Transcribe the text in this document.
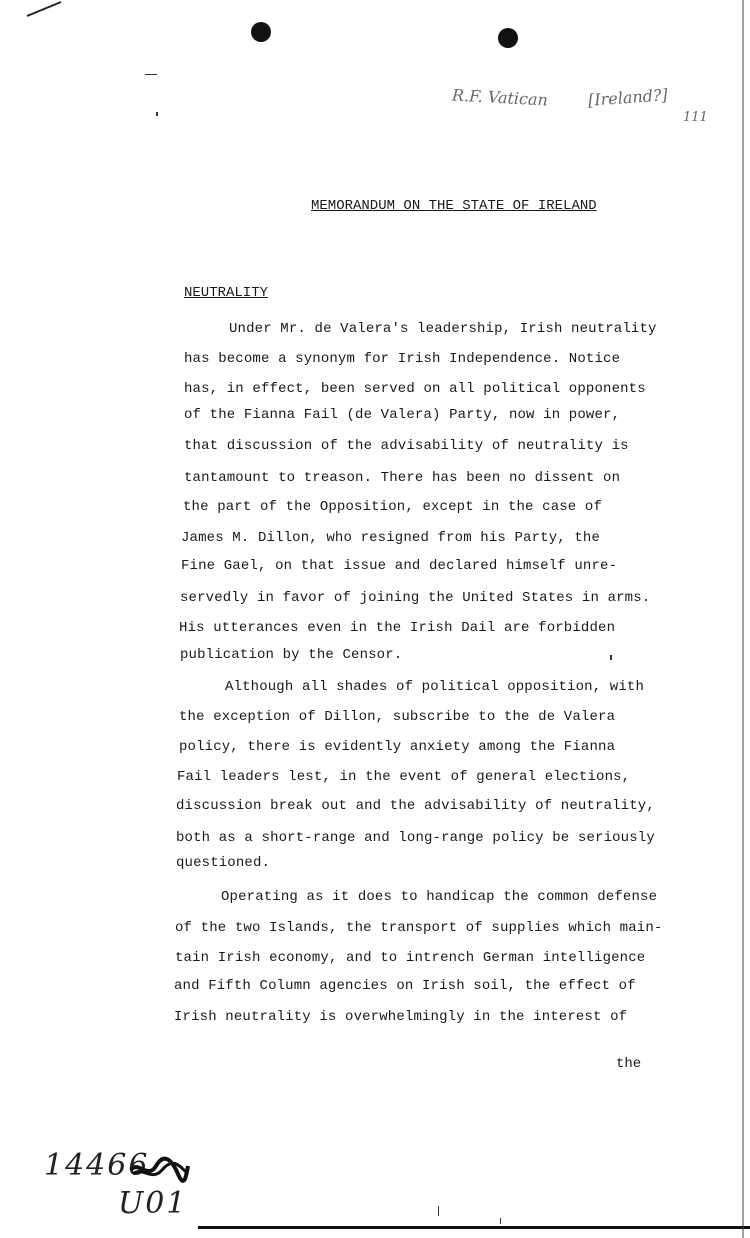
R.F. Vatican [Ireland?]
111
MEMORANDUM ON THE STATE OF IRELAND
NEUTRALITY
Under Mr. de Valera's leadership, Irish neutrality
has become a synonym for Irish Independence. Notice
has, in effect, been served on all political opponents
of the Fianna Fail (de Valera) Party, now in power,
that discussion of the advisability of neutrality is
tantamount to treason. There has been no dissent on
the part of the Opposition, except in the case of
James M. Dillon, who resigned from his Party, the
Fine Gael, on that issue and declared himself unre-
servedly in favor of joining the United States in arms.
His utterances even in the Irish Dail are forbidden
publication by the Censor.
Although all shades of political opposition, with
the exception of Dillon, subscribe to the de Valera
policy, there is evidently anxiety among the Fianna
Fail leaders lest, in the event of general elections,
discussion break out and the advisability of neutrality,
both as a short-range and long-range policy be seriously
questioned.
Operating as it does to handicap the common defense
of the two Islands, the transport of supplies which main-
tain Irish economy, and to intrench German intelligence
and Fifth Column agencies on Irish soil, the effect of
Irish neutrality is overwhelmingly in the interest of
the
14466
U01
